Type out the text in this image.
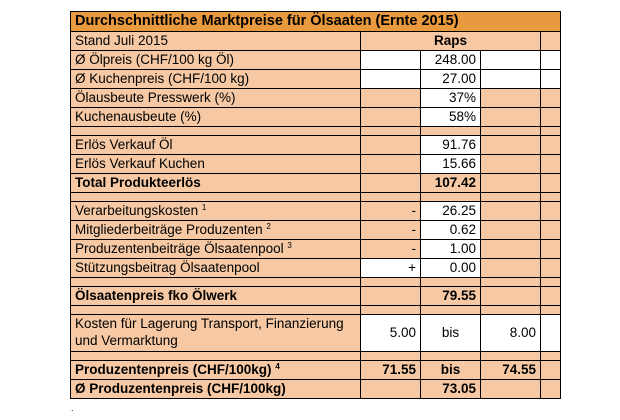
Durchschnittliche Marktpreise für Ölsaaten (Ernte 2015)				
Stand Juli 2015	Raps			
Ø Ölpreis (CHF/100 kg Öl)		248.00		
Ø Kuchenpreis (CHF/100 kg)		27.00		
Ölausbeute Presswerk (%)		37%		
Kuchenausbeute (%)		58%		

Erlös Verkauf Öl		91.76		
Erlös Verkauf Kuchen		15.66		
Total Produkteerlös		107.42		

Verarbeitungskosten $^1$	-	26.25		
Mitgliederbeiträge Produzenten $^2$	-	0.62		
Produzentenbeiträge Ölsaatenpool $^3$	-	1.00		
Stützungsbeitrag Ölsaatenpool	+	0.00		

Ölsaatenpreis fko Ölwerk		79.55		

Kosten für Lagerung Transport, Finanzierung und Vermarktung	5.00	bis	8.00	

Produzentenpreis (CHF/100kg) $^4$	71.55	bis	74.55	
Ø Produzentenpreis (CHF/100kg)		73.05		
.
